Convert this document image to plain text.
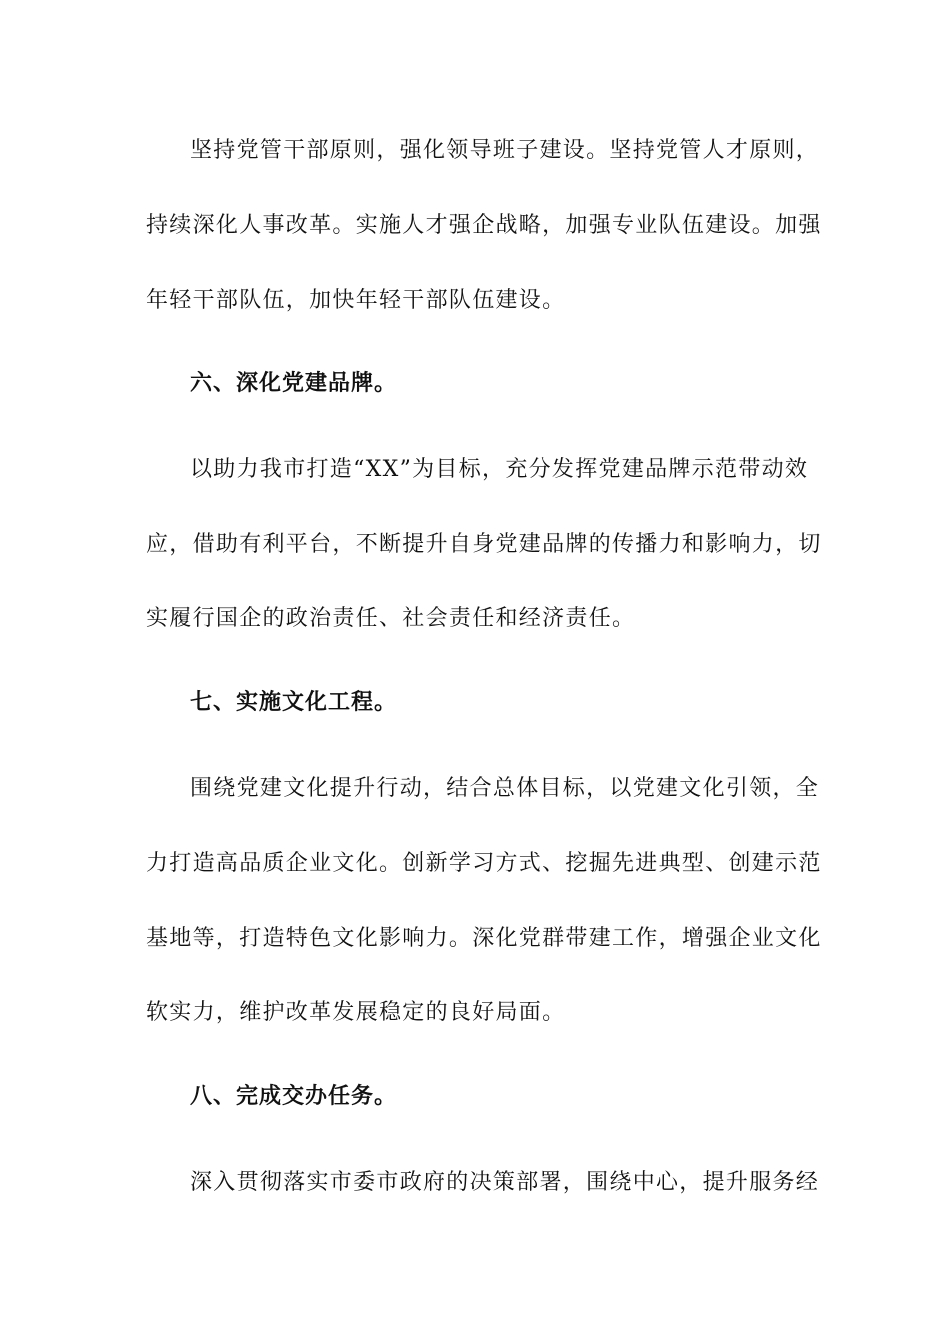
坚持党管干部原则，强化领导班子建设。坚持党管人才原则，
持续深化人事改革。实施人才强企战略，加强专业队伍建设。加强
年轻干部队伍，加快年轻干部队伍建设。
六、深化党建品牌。
以助力我市打造“XX”为目标，充分发挥党建品牌示范带动效
应，借助有利平台，不断提升自身党建品牌的传播力和影响力，切
实履行国企的政治责任、社会责任和经济责任。
七、实施文化工程。
围绕党建文化提升行动，结合总体目标，以党建文化引领，全
力打造高品质企业文化。创新学习方式、挖掘先进典型、创建示范
基地等，打造特色文化影响力。深化党群带建工作，增强企业文化
软实力，维护改革发展稳定的良好局面。
八、完成交办任务。
深入贯彻落实市委市政府的决策部署，围绕中心，提升服务经
